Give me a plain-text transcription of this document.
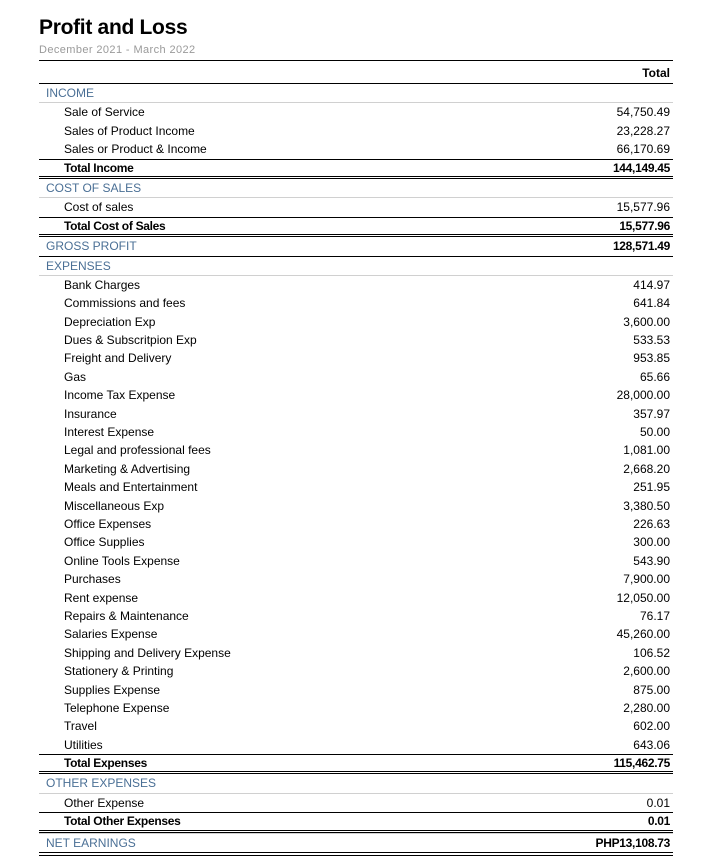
Profit and Loss
December 2021 - March 2022
Total
INCOME
Sale of Service	54,750.49
Sales of Product Income	23,228.27
Sales or Product & Income	66,170.69
Total Income	144,149.45
COST OF SALES
Cost of sales	15,577.96
Total Cost of Sales	15,577.96
GROSS PROFIT	128,571.49
EXPENSES
Bank Charges	414.97
Commissions and fees	641.84
Depreciation Exp	3,600.00
Dues & Subscritpion Exp	533.53
Freight and Delivery	953.85
Gas	65.66
Income Tax Expense	28,000.00
Insurance	357.97
Interest Expense	50.00
Legal and professional fees	1,081.00
Marketing & Advertising	2,668.20
Meals and Entertainment	251.95
Miscellaneous Exp	3,380.50
Office Expenses	226.63
Office Supplies	300.00
Online Tools Expense	543.90
Purchases	7,900.00
Rent expense	12,050.00
Repairs & Maintenance	76.17
Salaries Expense	45,260.00
Shipping and Delivery Expense	106.52
Stationery & Printing	2,600.00
Supplies Expense	875.00
Telephone Expense	2,280.00
Travel	602.00
Utilities	643.06
Total Expenses	115,462.75
OTHER EXPENSES
Other Expense	0.01
Total Other Expenses	0.01
NET EARNINGS	PHP13,108.73
